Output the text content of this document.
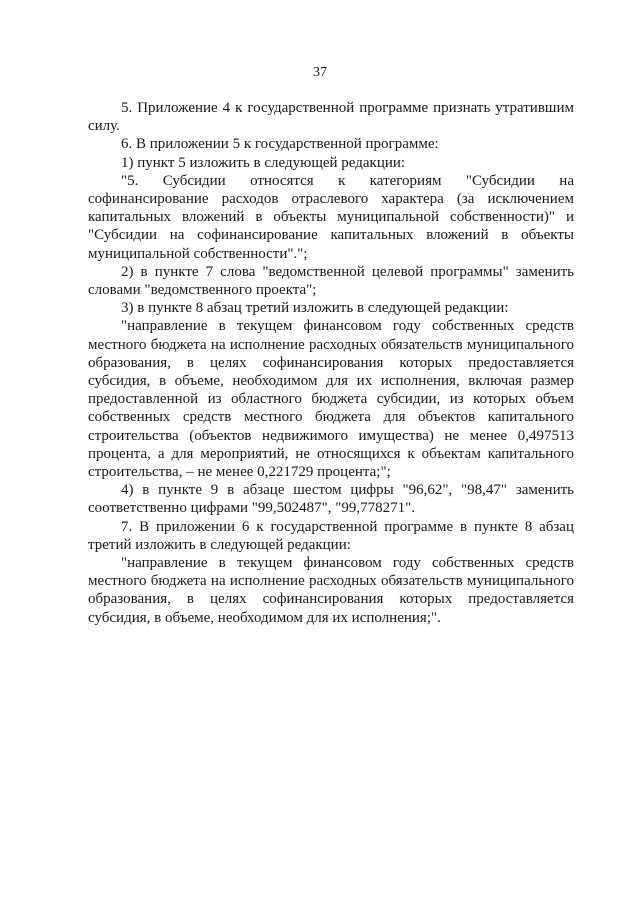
37

5. Приложение 4 к государственной программе признать утратившим силу.

6. В приложении 5 к государственной программе:

1) пункт 5 изложить в следующей редакции:

"5. Субсидии относятся к категориям "Субсидии на софинансирование расходов отраслевого характера (за исключением капитальных вложений в объекты муниципальной собственности)" и "Субсидии на софинансирование капитальных вложений в объекты муниципальной собственности".";

2) в пункте 7 слова "ведомственной целевой программы" заменить словами "ведомственного проекта";

3) в пункте 8 абзац третий изложить в следующей редакции:

"направление в текущем финансовом году собственных средств местного бюджета на исполнение расходных обязательств муниципального образования, в целях софинансирования которых предоставляется субсидия, в объеме, необходимом для их исполнения, включая размер предоставленной из областного бюджета субсидии, из которых объем собственных средств местного бюджета для объектов капитального строительства (объектов недвижимого имущества) не менее 0,497513 процента, а для мероприятий, не относящихся к объектам капитального строительства, – не менее 0,221729 процента;";

4) в пункте 9 в абзаце шестом цифры "96,62", "98,47" заменить соответственно цифрами "99,502487", "99,778271".

7. В приложении 6 к государственной программе в пункте 8 абзац третий изложить в следующей редакции:

"направление в текущем финансовом году собственных средств местного бюджета на исполнение расходных обязательств муниципального образования, в целях софинансирования которых предоставляется субсидия, в объеме, необходимом для их исполнения;".
